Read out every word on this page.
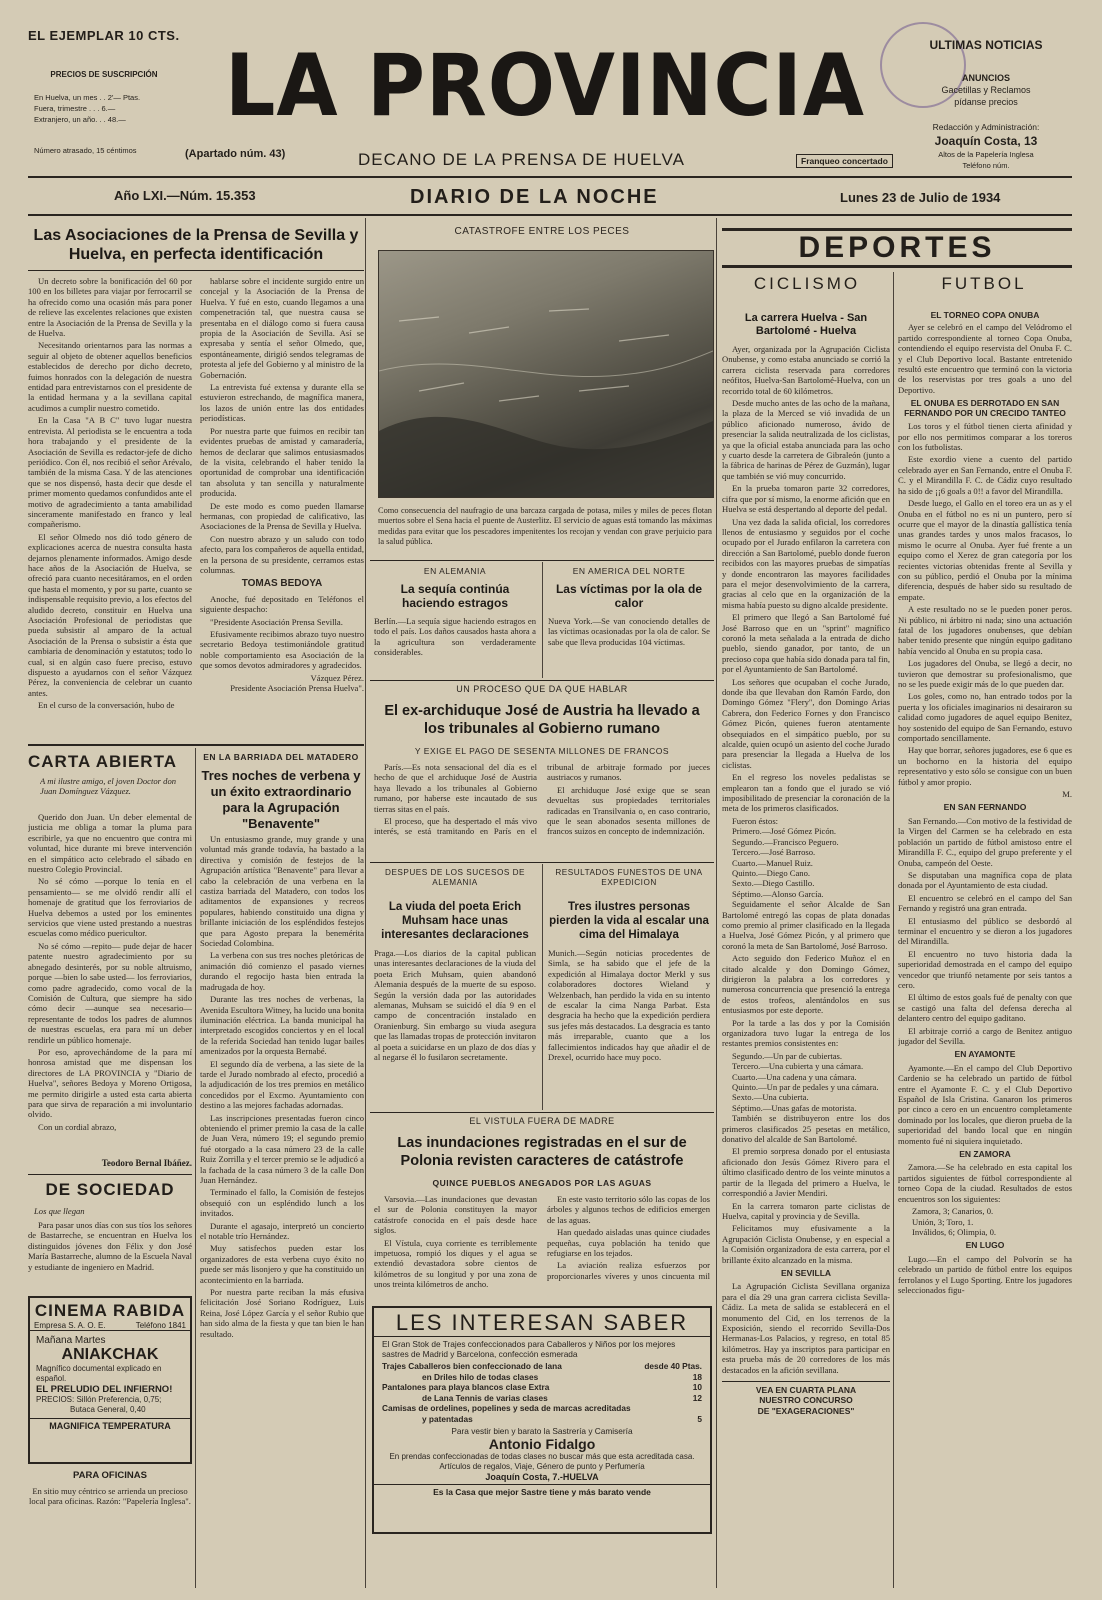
EL EJEMPLAR 10 CTS.
PRECIOS DE SUSCRIPCIÓN
En Huelva, un mes . . 2'— Ptas.
Fuera, trimestre . . . 6.—
Extranjero, un año. . . 48.—
Número atrasado, 15 céntimos
LA PROVINCIA
(Apartado núm. 43)	DECANO DE LA PRENSA DE HUELVA	Franqueo concertado
ULTIMAS NOTICIAS
ANUNCIOS
Gacetillas y Reclamos
pídanse precios
Redacción y Administración:
Joaquín Costa, 13
Altos de la Papelería Inglesa
Teléfono núm.
Año LXI.—Núm. 15.353	DIARIO DE LA NOCHE	Lunes 23 de Julio de 1934
Las Asociaciones de la Prensa de Sevilla y Huelva, en perfecta identificación

Un decreto sobre la bonificación del 60 por 100 en los billetes para viajar por ferrocarril se ha ofrecido como una ocasión más para poner de relieve las excelentes relaciones que existen entre la Asociación de la Prensa de Sevilla y la de Huelva.

Necesitando orientarnos para las normas a seguir al objeto de obtener aquellos beneficios establecidos de derecho por dicho decreto, fuimos honrados con la delegación de nuestra entidad para entrevistarnos con el presidente de la entidad hermana y a la sevillana capital acudimos a cumplir nuestro cometido.

En la Casa "A B C" tuvo lugar nuestra entrevista. Al periodista se le encuentra a toda hora trabajando y el presidente de la Asociación de Sevilla es redactor-jefe de dicho periódico. Con él, nos recibió el señor Arévalo, también de la misma Casa. Y de las atenciones que se nos dispensó, hasta decir que desde el primer momento quedamos confundidos ante el motivo de agradecimiento a tanta amabilidad sinceramente manifestado en franco y leal compañerismo.

El señor Olmedo nos dió todo género de explicaciones acerca de nuestra consulta hasta dejarnos plenamente informados. Amigo desde hace años de la Asociación de Huelva, se ofreció para cuanto necesitáramos, en el orden que hasta el momento, y por su parte, cuanto se indispensable requisito previo, a los efectos del aludido decreto, constituir en Huelva una Asociación Profesional de periodistas que pueda subsistir al amparo de la actual Asociación de la Prensa o subsistir a ésta que cambiaria de denominación y estatutos; todo lo cual, si en algún caso fuere preciso, estuvo dispuesto a ayudarnos con el señor Vázquez Pérez, la conveniencia de celebrar un cuanto antes.

En el curso de la conversación, hubo de

hablarse sobre el incidente surgido entre un concejal y la Asociación de la Prensa de Huelva. Y fué en esto, cuando llegamos a una compenetración tal, que nuestra causa se presentaba en el diálogo como si fuera causa propia de la Asociación de Sevilla. Así se expresaba y sentía el señor Olmedo, que, espontáneamente, dirigió sendos telegramas de protesta al jefe del Gobierno y al ministro de la Gobernación.

La entrevista fué extensa y durante ella se estuvieron estrechando, de magnífica manera, los lazos de unión entre las dos entidades periodísticas.

Por nuestra parte que fuimos en recibir tan evidentes pruebas de amistad y camaradería, hemos de declarar que salimos entusiasmados de la visita, celebrando el haber tenido la oportunidad de comprobar una identificación tan absoluta y tan sencilla y naturalmente producida.

De este modo es como pueden llamarse hermanas, con propiedad de calificativo, las Asociaciones de la Prensa de Sevilla y Huelva.

Con nuestro abrazo y un saludo con todo afecto, para los compañeros de aquella entidad, en la persona de su presidente, cerramos estas columnas.

TOMAS BEDOYA

Anoche, fué depositado en Teléfonos el siguiente despacho:

"Presidente Asociación Prensa Sevilla.

Efusivamente recibimos abrazo tuyo nuestro secretario Bedoya testimoniándole gratitud noble comportamiento esa Asociación de la que somos devotos admiradores y agradecidos.

Vázquez Pérez.
Presidente Asociación Prensa Huelva".
CARTA ABIERTA
A mi ilustre amigo, el joven Doctor don Juan Domínguez Vázquez.

Querido don Juan. Un deber elemental de justicia me obliga a tomar la pluma para escribirle, ya que no encuentro que contra mi voluntad, hice durante mi breve intervención en el simpático acto celebrado el sábado en nuestro Colegio Provincial.

No sé cómo —porque lo tenía en el pensamiento— se me olvidó rendir allí el homenaje de gratitud que los ferroviarios de Huelva debemos a usted por los eminentes servicios que viene usted prestando a nuestras escuelas como médico puericultor.

No sé cómo —repito— pude dejar de hacer patente nuestro agradecimiento por su abnegado desinterés, por su noble altruismo, porque —bien lo sabe usted— los ferroviarios, como padre agradecido, como vocal de la Comisión de Cultura, que siempre ha sido cómo decir —aunque sea necesario— representante de todos los padres de alumnos de nuestras escuelas, era para mí un deber rendirle un público homenaje.

Por eso, aprovechándome de la para mí honrosa amistad que me dispensan los directores de LA PROVINCIA y "Diario de Huelva", señores Bedoya y Moreno Ortigosa, me permito dirigirle a usted esta carta abierta para que sirva de reparación a mi involuntario olvido.

Con un cordial abrazo,

Teodoro Bernal Ibáñez.
DE SOCIEDAD
Los que llegan

Para pasar unos días con sus tíos los señores de Bastarreche, se encuentran en Huelva los distinguidos jóvenes don Félix y don José María Bastarreche, alumno de la Escuela Naval y estudiante de ingeniero en Madrid.

CINEMA RABIDA
Empresa S. A. O. E.	Teléfono 1841
Mañana Martes
ANIAKCHAK
Magnífico documental explicado en español.
EL PRELUDIO DEL INFIERNO!
PRECIOS: Sillón Preferencia, 0,75;
Butaca General, 0,40
MAGNIFICA TEMPERATURA
PARA OFICINAS
En sitio muy céntrico se arrienda un precioso local para oficinas. Razón: "Papelería Inglesa".
EN LA BARRIADA DEL MATADERO
Tres noches de verbena y un éxito extraordinario para la Agrupación "Benavente"

Un entusiasmo grande, muy grande y una voluntad más grande todavía, ha bastado a la directiva y comisión de festejos de la Agrupación artística "Benavente" para llevar a cabo la celebración de una verbena en la castiza barriada del Matadero, con todos los aditamentos de expansiones y recreos populares, habiendo constituido una digna y brillante iniciación de los espléndidos festejos que para Agosto prepara la benemérita Sociedad Colombina.

La verbena con sus tres noches pletóricas de animación dió comienzo el pasado viernes durando el regocijo hasta bien entrada la madrugada de hoy.

Durante las tres noches de verbenas, la Avenida Escultora Witney, ha lucido una bonita iluminación eléctrica. La banda municipal ha interpretado escogidos conciertos y en el local de la referida Sociedad han tenido lugar bailes amenizados por la orquesta Bernabé.

El segundo día de verbena, a las siete de la tarde el Jurado nombrado al efecto, procedió a la adjudicación de los tres premios en metálico concedidos por el Excmo. Ayuntamiento con destino a las mejores fachadas adornadas.

Las inscripciones presentadas fueron cinco obteniendo el primer premio la casa de la calle de Juan Vera, número 19; el segundo premio fué otorgado a la casa número 23 de la calle Ruiz Zorrilla y el tercer premio se le adjudicó a la fachada de la casa número 3 de la calle Don Juan Hernández.

Terminado el fallo, la Comisión de festejos obsequió con un espléndido lunch a los invitados.

Durante el agasajo, interpretó un concierto el notable trío Hernández.

Muy satisfechos pueden estar los organizadores de esta verbena cuyo éxito no puede ser más lisonjero y que ha constituido un acontecimiento en la barriada.

Por nuestra parte reciban la más efusiva felicitación José Soriano Rodríguez, Luis Reina, José López García y el señor Rubio que han sido alma de la fiesta y que tan bien le han resultado.

CATASTROFE ENTRE LOS PECES
Como consecuencia del naufragio de una barcaza cargada de potasa, miles y miles de peces flotan muertos sobre el Sena hacia el puente de Austerlitz. El servicio de aguas está tomando las máximas medidas para evitar que los pescadores impenitentes los recojan y vendan con grave perjuicio para la salud pública.
EN ALEMANIA
La sequía continúa haciendo estragos
Berlín.—La sequía sigue haciendo estragos en todo el país. Los daños causados hasta ahora a la agricultura son verdaderamente considerables.
EN AMERICA DEL NORTE
Las víctimas por la ola de calor
Nueva York.—Se van conociendo detalles de las víctimas ocasionadas por la ola de calor. Se sabe que lleva producidas 104 víctimas.
UN PROCESO QUE DA QUE HABLAR
El ex-archiduque José de Austria ha llevado a los tribunales al Gobierno rumano
Y EXIGE EL PAGO DE SESENTA MILLONES DE FRANCOS

París.—Es nota sensacional del día es el hecho de que el archiduque José de Austria haya llevado a los tribunales al Gobierno rumano, por haberse este incautado de sus tierras sitas en el país.

El proceso, que ha despertado el más vivo interés, se está tramitando en París en el tribunal de arbitraje formado por jueces austriacos y rumanos.

El archiduque José exige que se sean devueltas sus propiedades territoriales radicadas en Transilvania o, en caso contrario, que le sean abonados sesenta millones de francos suizos en concepto de indemnización.

DESPUES DE LOS SUCESOS DE ALEMANIA
La viuda del poeta Erich Muhsam hace unas interesantes declaraciones
Praga.—Los diarios de la capital publican unas interesantes declaraciones de la viuda del poeta Erich Muhsam, quien abandonó Alemania después de la muerte de su esposo. Según la versión dada por las autoridades alemanas, Muhsam se suicidó el día 9 en el campo de concentración instalado en Oranienburg. Sin embargo su viuda asegura que las llamadas tropas de protección invitaron al poeta a suicidarse en un plazo de dos días y al negarse él lo fusilaron secretamente.
RESULTADOS FUNESTOS DE UNA EXPEDICION
Tres ilustres personas pierden la vida al escalar una cima del Himalaya
Munich.—Según noticias procedentes de Simla, se ha sabido que el jefe de la expedición al Himalaya doctor Merkl y sus colaboradores doctores Wieland y Welzenbach, han perdido la vida en su intento de escalar la cima Nanga Parbat. Esta desgracia ha hecho que la expedición perdiera sus jefes más destacados. La desgracia es tanto más irreparable, cuanto que a los fallecimientos indicados hay que añadir el de Drexel, ocurrido hace muy poco.
EL VISTULA FUERA DE MADRE
Las inundaciones registradas en el sur de Polonia revisten caracteres de catástrofe
QUINCE PUEBLOS ANEGADOS POR LAS AGUAS

Varsovia.—Las inundaciones que devastan el sur de Polonia constituyen la mayor catástrofe conocida en el país desde hace siglos.

El Vístula, cuya corriente es terriblemente impetuosa, rompió los diques y el agua se extendió devastadora sobre cientos de kilómetros de su longitud y por una zona de unos treinta kilómetros de ancho.

En este vasto territorio sólo las copas de los árboles y algunos techos de edificios emergen de las aguas.

Han quedado aisladas unas quince ciudades pequeñas, cuya población ha tenido que refugiarse en los tejados.

La aviación realiza esfuerzos por proporcionarles víveres y unos cincuenta mil

LES INTERESAN SABER
El Gran Stok de Trajes confeccionados para Caballeros y Niños por los mejores sastres de Madrid y Barcelona, confección esmerada
Trajes Caballeros bien confeccionado de lana	desde 40 Ptas.
en Driles hilo de todas clases	18
Pantalones para playa blancos clase Extra	10
de Lana Tennis de varias clases	12
Camisas de ordelines, popelines y seda de marcas acreditadas
y patentadas	5
Para vestir bien y barato la Sastrería y Camisería
Antonio Fidalgo
En prendas confeccionadas de todas clases no buscar más que esta acreditada casa. Artículos de regalos, Viaje, Género de punto y Perfumería
Joaquín Costa, 7.-HUELVA
Es la Casa que mejor Sastre tiene y más barato vende
DEPORTES
CICLISMO	FUTBOL
La carrera Huelva - San Bartolomé - Huelva

Ayer, organizada por la Agrupación Ciclista Onubense, y como estaba anunciado se corrió la carrera ciclista reservada para corredores neófitos, Huelva-San Bartolomé-Huelva, con un recorrido total de 60 kilómetros.

Desde mucho antes de las ocho de la mañana, la plaza de la Merced se vió invadida de un público aficionado numeroso, ávido de presenciar la salida neutralizada de los ciclistas, ya que la oficial estaba anunciada para las ocho y cuarto desde la carretera de Gibraleón (junto a la fábrica de harinas de Pérez de Guzmán), lugar que también se vió muy concurrido.

En la prueba tomaron parte 32 corredores, cifra que por sí mismo, la enorme afición que en Huelva se está despertando al deporte del pedal.

Una vez dada la salida oficial, los corredores llenos de entusiasmo y seguidos por el coche ocupado por el Jurado enfilaron la carretera con dirección a San Bartolomé, pueblo donde fueron recibidos con las mayores pruebas de simpatías y donde encontraron las mayores facilidades para el mejor desenvolvimiento de la carrera, gracias al celo que en la organización de la misma había puesto su digno alcalde presidente.

El primero que llegó a San Bartolomé fué José Barroso que en un "sprint" magnífico coronó la meta señalada a la entrada de dicho pueblo, siendo ganador, por tanto, de un precioso copa que había sido donada para tal fin, por el Ayuntamiento de San Bartolomé.

Los señores que ocupaban el coche Jurado, donde iba que llevaban don Ramón Fardo, don Domingo Gómez "Flery", don Domingo Arias Cabrera, don Federico Fornes y don Francisco Gómez Picón, quienes fueron atentamente obsequiados en el simpático pueblo, por su alcalde, quien ocupó un asiento del coche Jurado para presenciar la llegada a Huelva de los ciclistas.

En el regreso los noveles pedalistas se emplearon tan a fondo que el jurado se vió imposibilitado de presenciar la coronación de la meta de los primeros clasificados.

Fueron éstos:
Primero.—José Gómez Picón.
Segundo.—Francisco Peguero.
Tercero.—José Barroso.
Cuarto.—Manuel Ruiz.
Quinto.—Diego Cano.
Sexto.—Diego Castillo.
Séptimo.—Alonso García.

Seguidamente el señor Alcalde de San Bartolomé entregó las copas de plata donadas como premio al primer clasificado en la llegada a Huelva, José Gómez Picón, y al primero que coronó la meta de San Bartolomé, José Barroso.

Acto seguido don Federico Muñoz el en citado alcalde y don Domingo Gómez, dirigieron la palabra a los corredores y numerosa concurrencia que presenció la entrega de estos trofeos, alentándolos en sus entusiasmos por este deporte.

Por la tarde a las dos y por la Comisión organizadora tuvo lugar la entrega de los restantes premios consistentes en:

Segundo.—Un par de cubiertas.
Tercero.—Una cubierta y una cámara.
Cuarto.—Una cadena y una cámara.
Quinto.—Un par de pedales y una cámara.
Sexto.—Una cubierta.
Séptimo.—Unas gafas de motorista.

También se distribuyeron entre los dos primeros clasificados 25 pesetas en metálico, donativo del alcalde de San Bartolomé.

El premio sorpresa donado por el entusiasta aficionado don Jesús Gómez Rivero para el último clasificado dentro de los veinte minutos a partir de la llegada del primero a Huelva, le correspondió a Javier Mendiri.

En la carrera tomaron parte ciclistas de Huelva, capital y provincia y de Sevilla.

Felicitamos muy efusivamente a la Agrupación Ciclista Onubense, y en especial a la Comisión organizadora de esta carrera, por el brillante éxito alcanzado en la misma.

EN SEVILLA

La Agrupación Ciclista Sevillana organiza para el día 29 una gran carrera ciclista Sevilla-Cádiz. La meta de salida se establecerá en el monumento del Cid, en los terrenos de la Exposición, siendo el recorrido Sevilla-Dos Hermanas-Los Palacios, y regreso, en total 85 kilómetros. Hay ya inscriptos para participar en esta prueba más de 20 corredores de los más destacados en la afición sevillana.

VEA EN CUARTA PLANA
NUESTRO CONCURSO
DE "EXAGERACIONES"
EL TORNEO COPA ONUBA

Ayer se celebró en el campo del Velódromo el partido correspondiente al torneo Copa Onuba, contendiendo el equipo reservista del Onuba F. C. y el Club Deportivo local. Bastante entretenido resultó este encuentro que terminó con la victoria de los reservistas por tres goals a uno del Deportivo.

EL ONUBA ES DERROTADO EN SAN FERNANDO POR UN CRECIDO TANTEO

Los toros y el fútbol tienen cierta afinidad y por ello nos permitimos comparar a los toreros con los futbolistas.

Este exordio viene a cuento del partido celebrado ayer en San Fernando, entre el Onuba F. C. y el Mirandilla F. C. de Cádiz cuyo resultado ha sido de ¡¡6 goals a 0!! a favor del Mirandilla.

Desde luego, el Gallo en el toreo era un as y el Onuba en el fútbol no es ni un puntero, pero sí ocurre que el mayor de la dinastía gallística tenía unas grandes tardes y unos malos fracasos, lo mismo le ocurre al Onuba. Ayer fué frente a un equipo como el Xerez de gran categoría por los recientes victorias obtenidas frente al Sevilla y con su público, perdió el Onuba por la mínima diferencia, después de haber sido su resultado de empate.

A este resultado no se le pueden poner peros. Ni público, ni árbitro ni nada; sino una actuación fatal de los jugadores onubenses, que debían haber tenido presente que ningún equipo gaditano había vencido al Onuba en su propia casa.

Los jugadores del Onuba, se llegó a decir, no tuvieron que demostrar su profesionalismo, que no se les puede exigir más de lo que pueden dar.

Los goles, como no, han entrado todos por la puerta y los oficiales imaginarios ni desairaron su calidad como jugadores de aquel equipo Benitez, hoy sostenido del equipo de San Fernando, estuvo comportado sencillamente.

Hay que borrar, señores jugadores, ese 6 que es un bochorno en la historia del equipo representativo y esto sólo se consigue con un buen fútbol y amor propio.

M.
EN SAN FERNANDO

San Fernando.—Con motivo de la festividad de la Virgen del Carmen se ha celebrado en esta población un partido de fútbol amistoso entre el Mirandilla F. C., equipo del grupo preferente y el Onuba, campeón del Oeste.

Se disputaban una magnífica copa de plata donada por el Ayuntamiento de esta ciudad.

El encuentro se celebró en el campo del San Fernando y registró una gran entrada.

El entusiasmo del público se desbordó al terminar el encuentro y se dieron a los jugadores del Mirandilla.

El encuentro no tuvo historia dada la superioridad demostrada en el campo del equipo vencedor que triunfó netamente por seis tantos a cero.

El último de estos goals fué de penalty con que se castigó una falta del defensa derecha al delantero centro del equipo gaditano.

El arbitraje corrió a cargo de Benitez antiguo jugador del Sevilla.

EN AYAMONTE

Ayamonte.—En el campo del Club Deportivo Cardenio se ha celebrado un partido de fútbol entre el Ayamonte F. C. y el Club Deportivo Español de Isla Cristina. Ganaron los primeros por cinco a cero en un encuentro completamente dominado por los locales, que dieron prueba de la superioridad del bando local que en ningún momento fué ni siquiera inquietado.

EN ZAMORA

Zamora.—Se ha celebrado en esta capital los partidos siguientes de fútbol correspondiente al torneo Copa de la ciudad. Resultados de estos encuentros son los siguientes:

Zamora, 3; Canarios, 0.
Unión, 3; Toro, 1.
Inválidos, 6; Olimpia, 0.
EN LUGO

Lugo.—En el campo del Polvorín se ha celebrado un partido de fútbol entre los equipos ferrolanos y el Lugo Sporting. Entre los jugadores seleccionados figu-
